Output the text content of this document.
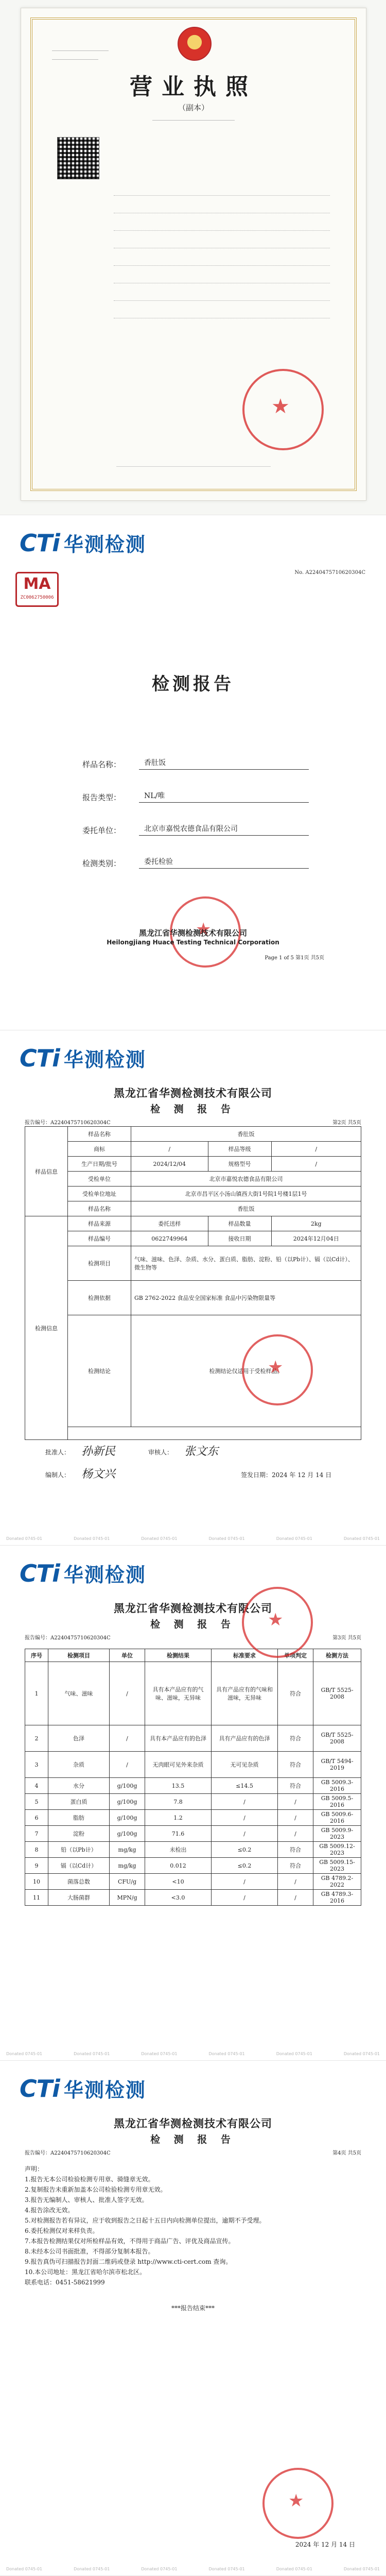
营业执照
（副本）
★
CTi 华测检测
No. A2240475710620304C
MA
ZC0062750006
检测报告
样品名称：	香肚饭
报告类型：	NL/唯
委托单位：	北京市嘉悦农德食品有限公司
检测类别：	委托检验
★
黑龙江省华测检测技术有限公司
Heilongjiang Huace Testing Technical Corporation
Page 1 of 5 第1页 共5页
CTi 华测检测
黑龙江省华测检测技术有限公司
检 测 报 告
报告编号：A2240475710620304C	第2页 共5页
样品信息	样品名称	香肚饭		
	商标	/	样品等级	/
	生产日期/批号	2024/12/04	规格型号	/
	受检单位	北京市嘉悦农德食品有限公司		
	受检单位地址	北京市昌平区小汤山镇西大街1号院1号楼1层1号		
	样品名称	香肚饭		
检测信息	样品来源	委托送样	样品数量	2kg
	样品编号	0622749964	接收日期	2024年12月04日
	检测项目	气味、滋味、色泽、杂质、水分、蛋白质、脂肪、淀粉、铅（以Pb计）、镉（以Cd计）、微生物等		
	检测依据	GB 2762-2022 食品安全国家标准 食品中污染物限量等		
	检测结论	检测结论仅适用于受检样品。		

★
批准人： 孙新民	审核人： 张文东
编制人： 杨文兴	签发日期：2024 年 12 月 14 日
Donated 0745-01	Donated 0745-01	Donated 0745-01	Donated 0745-01	Donated 0745-01	Donated 0745-01
CTi 华测检测
黑龙江省华测检测技术有限公司
检 测 报 告
报告编号：A2240475710620304C	第3页 共5页
序号	检测项目	单位	检测结果	标准要求	单项判定	检测方法
1	气味、滋味	/	具有本产品应有的气味、滋味，无异味	具有产品应有的气味和滋味，无异味	符合	GB/T 5525-2008
2	色泽	/	具有本产品应有的色泽	具有产品应有的色泽	符合	GB/T 5525-2008
3	杂质	/	无肉眼可见外来杂质	无可见杂质	符合	GB/T 5494-2019
4	水分	g/100g	13.5	≤14.5	符合	GB 5009.3-2016
5	蛋白质	g/100g	7.8	/	/	GB 5009.5-2016
6	脂肪	g/100g	1.2	/	/	GB 5009.6-2016
7	淀粉	g/100g	71.6	/	/	GB 5009.9-2023
8	铅（以Pb计）	mg/kg	未检出	≤0.2	符合	GB 5009.12-2023
9	镉（以Cd计）	mg/kg	0.012	≤0.2	符合	GB 5009.15-2023
10	菌落总数	CFU/g	<10	/	/	GB 4789.2-2022
11	大肠菌群	MPN/g	<3.0	/	/	GB 4789.3-2016
★
Donated 0745-01	Donated 0745-01	Donated 0745-01	Donated 0745-01	Donated 0745-01	Donated 0745-01
CTi 华测检测
黑龙江省华测检测技术有限公司
检 测 报 告
报告编号：A2240475710620304C	第4页 共5页

声明：

1.报告无本公司检验检测专用章、骑缝章无效。

2.复制报告未重新加盖本公司检验检测专用章无效。

3.报告无编制人、审核人、批准人签字无效。

4.报告涂改无效。

5.对检测报告若有异议，应于收到报告之日起十五日内向检测单位提出，逾期不予受理。

6.委托检测仅对来样负责。

7.本报告检测结果仅对所检样品有效，不得用于商品广告、评优及商品宣传。

8.未经本公司书面批准，不得部分复制本报告。

9.报告真伪可扫描报告封面二维码或登录 http://www.cti-cert.com 查询。

10.本公司地址：黑龙江省哈尔滨市松北区。

联系电话：0451-58621999

***报告结束***

★
2024 年 12 月 14 日
Donated 0745-01	Donated 0745-01	Donated 0745-01	Donated 0745-01	Donated 0745-01	Donated 0745-01
